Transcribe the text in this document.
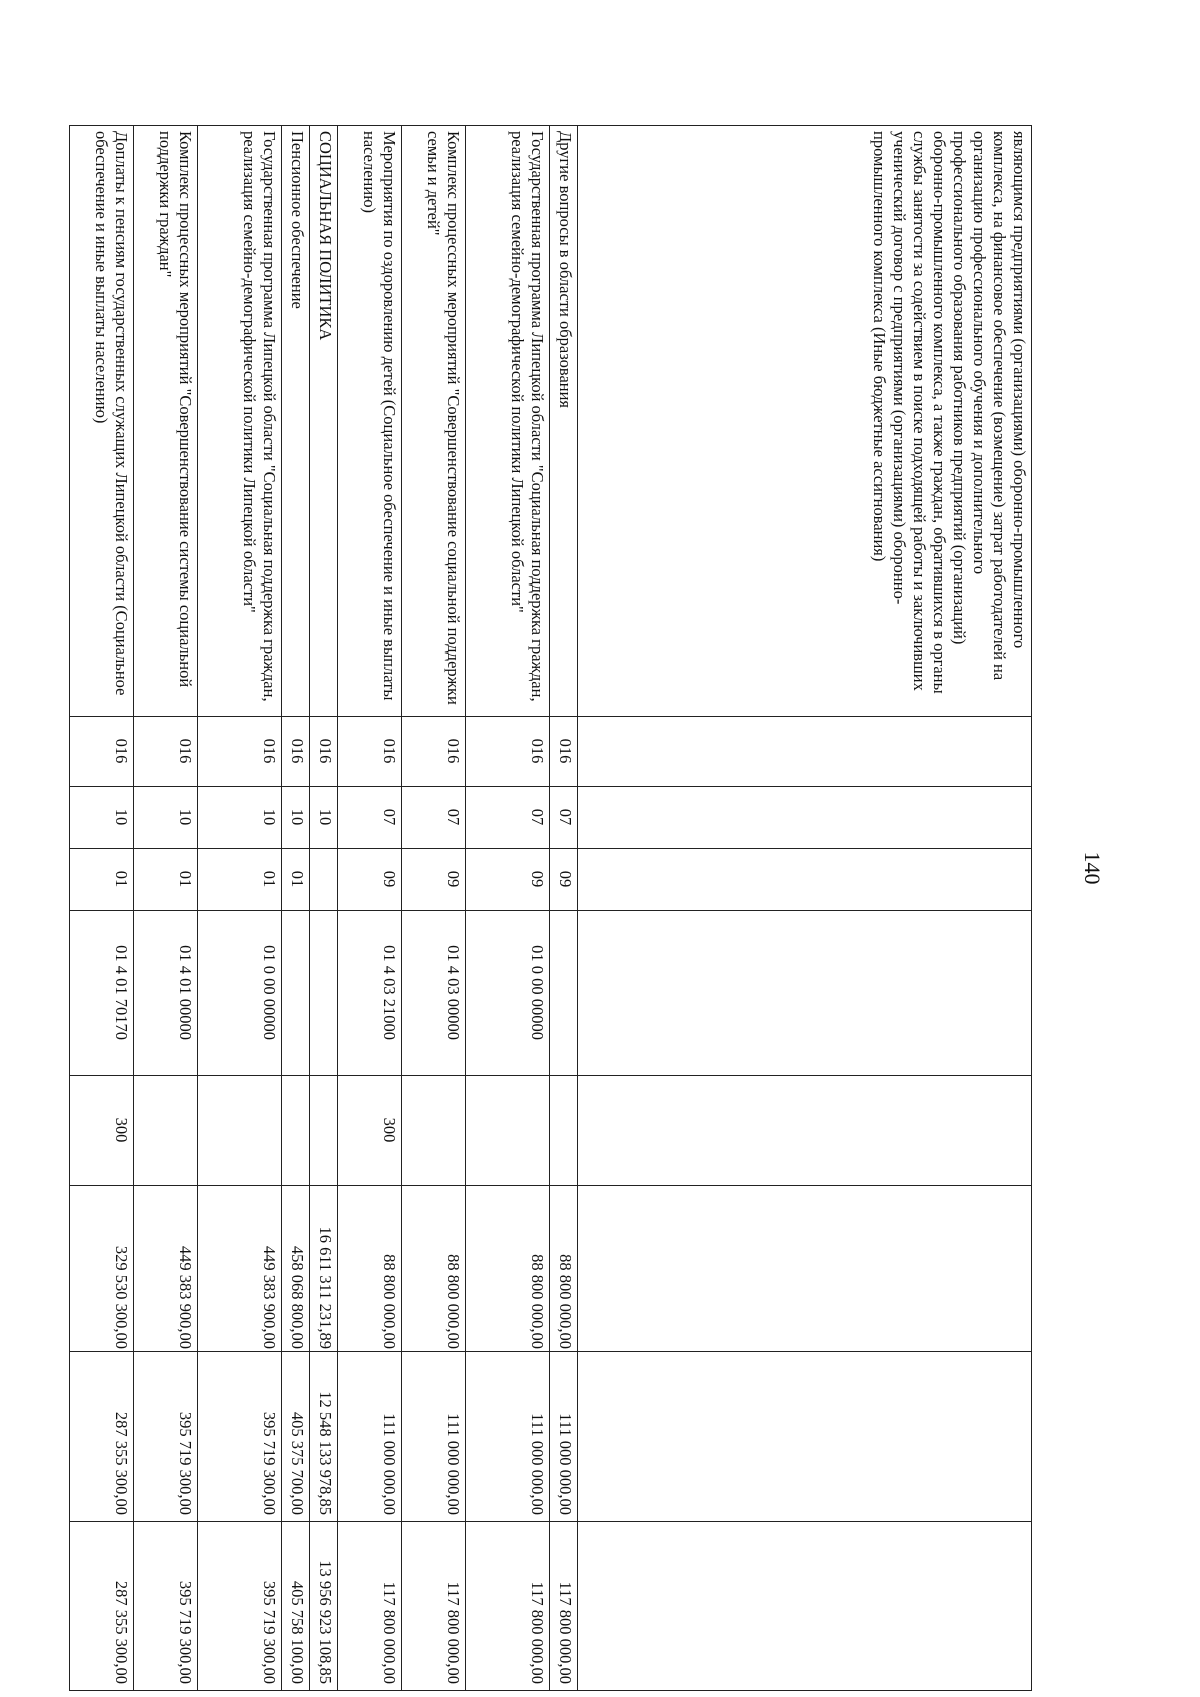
140
являющимся предприятиями (организациями) оборонно-промышленного комплекса, на финансовое обеспечение (возмещение) затрат работодателей на организацию профессионального обучения и дополнительного профессионального образования работников предприятий (организаций) оборонно-промышленного комплекса, а также граждан, обратившихся в органы службы занятости за содействием в поиске подходящей работы и заключивших ученический договор с предприятиями (организациями) оборонно-промышленного комплекса (Иные бюджетные ассигнования)								
Другие вопросы в области образования	016	07	09			88 800 000,00	111 000 000,00	117 800 000,00
Государственная программа Липецкой области "Социальная поддержка граждан, реализация семейно-демографической политики Липецкой области"	016	07	09	01 0 00 00000		88 800 000,00	111 000 000,00	117 800 000,00
Комплекс процессных мероприятий "Совершенствование социальной поддержки семьи и детей"	016	07	09	01 4 03 00000		88 800 000,00	111 000 000,00	117 800 000,00
Мероприятия по оздоровлению детей (Социальное обеспечение и иные выплаты населению)	016	07	09	01 4 03 21000	300	88 800 000,00	111 000 000,00	117 800 000,00
СОЦИАЛЬНАЯ ПОЛИТИКА	016	10				16 611 311 231,89	12 548 133 978,85	13 956 923 108,85
Пенсионное обеспечение	016	10	01			458 068 800,00	405 375 700,00	405 758 100,00
Государственная программа Липецкой области "Социальная поддержка граждан, реализация семейно-демографической политики Липецкой области"	016	10	01	01 0 00 00000		449 383 900,00	395 719 300,00	395 719 300,00
Комплекс процессных мероприятий "Совершенствование системы социальной поддержки граждан"	016	10	01	01 4 01 00000		449 383 900,00	395 719 300,00	395 719 300,00
Доплаты к пенсиям государственных служащих Липецкой области (Социальное обеспечение и иные выплаты населению)	016	10	01	01 4 01 70170	300	329 530 300,00	287 355 300,00	287 355 300,00
